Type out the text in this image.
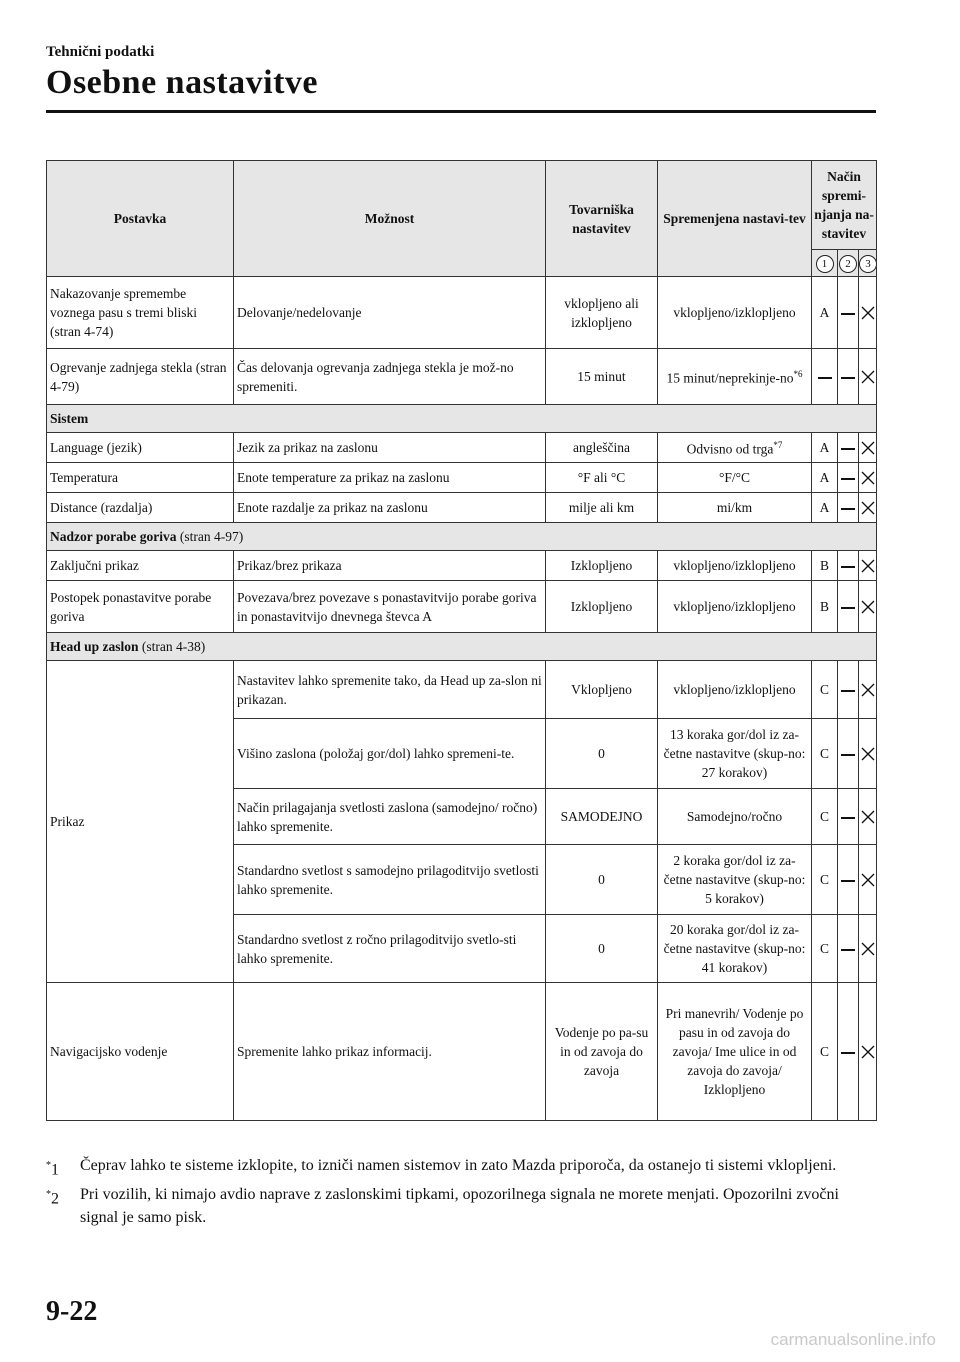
Tehnični podatki
Osebne nastavitve
Postavka	Možnost	Tovarniška nastavitev	Spremenjena nastavi-tev	Način spremi-njanja na-stavitev		
				1	2	3
Nakazovanje spremembe voznega pasu s tremi bliski (stran 4-74)	Delovanje/nedelovanje	vklopljeno ali izklopljeno	vklopljeno/izklopljeno	A		
Ogrevanje zadnjega stekla (stran 4-79)	Čas delovanja ogrevanja zadnjega stekla je mož-no spremeniti.	15 minut	15 minut/$neprekinje-no^{*6}$			
Sistem						
Language (jezik)	Jezik za prikaz na zaslonu	angleščina	Odvisno od trga$^{*7}$	A		
Temperatura	Enote temperature za prikaz na zaslonu	°F ali °C	°F/°C	A		
Distance (razdalja)	Enote razdalje za prikaz na zaslonu	milje ali km	mi/km	A		
Nadzor porabe goriva (stran 4-97)						
Zaključni prikaz	Prikaz/brez prikaza	Izklopljeno	vklopljeno/izklopljeno	B		
Postopek ponastavitve porabe goriva	Povezava/brez povezave s ponastavitvijo porabe goriva in ponastavitvijo dnevnega števca A	Izklopljeno	vklopljeno/izklopljeno	B		
Head up zaslon (stran 4-38)						
Prikaz	Nastavitev lahko spremenite tako, da Head up za-slon ni prikazan.	Vklopljeno	vklopljeno/izklopljeno	C		
	Višino zaslona (položaj gor/dol) lahko spremeni-te.	0	13 koraka gor/dol iz za-četne nastavitve (skup-no: 27 korakov)	C		
	Način prilagajanja svetlosti zaslona (samodejno/ ročno) lahko spremenite.	SAMODEJNO	Samodejno/ročno	C		
	Standardno svetlost s samodejno prilagoditvijo svetlosti lahko spremenite.	0	2 koraka gor/dol iz za-četne nastavitve (skup-no: 5 korakov)	C		
	Standardno svetlost z ročno prilagoditvijo svetlo-sti lahko spremenite.	0	20 koraka gor/dol iz za-četne nastavitve (skup-no: 41 korakov)	C		
Navigacijsko vodenje	Spremenite lahko prikaz informacij.	Vodenje po pa-su in od zavoja do zavoja	Pri manevrih/ Vodenje po pasu in od zavoja do zavoja/ Ime ulice in od zavoja do zavoja/ Izklopljeno	C		
*1	Čeprav lahko te sisteme izklopite, to izniči namen sistemov in zato Mazda priporoča, da ostanejo ti sistemi vklopljeni.
*2	Pri vozilih, ki nimajo avdio naprave z zaslonskimi tipkami, opozorilnega signala ne morete menjati. Opozorilni zvočni signal je samo pisk.
9-22
carmanualsonline.info
